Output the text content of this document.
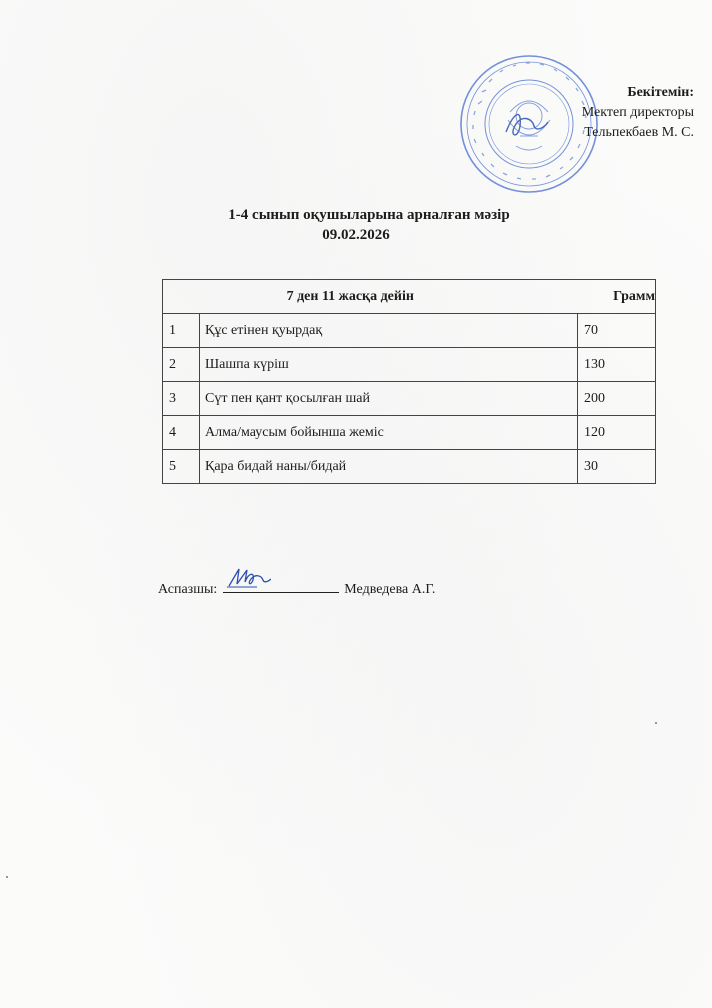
Бекітемін:
Мектеп директоры
Тельпекбаев М. С.
1-4 сынып оқушыларына арналған мәзір
09.02.2026
7 ден 11 жасқа дейін		Грамм
1	Құс етінен қуырдақ	70
2	Шашпа күріш	130
3	Сүт пен қант қосылған шай	200
4	Алма/маусым бойынша жеміс	120
5	Қара бидай наны/бидай	30
Аспазшы:	Медведева А.Г.
